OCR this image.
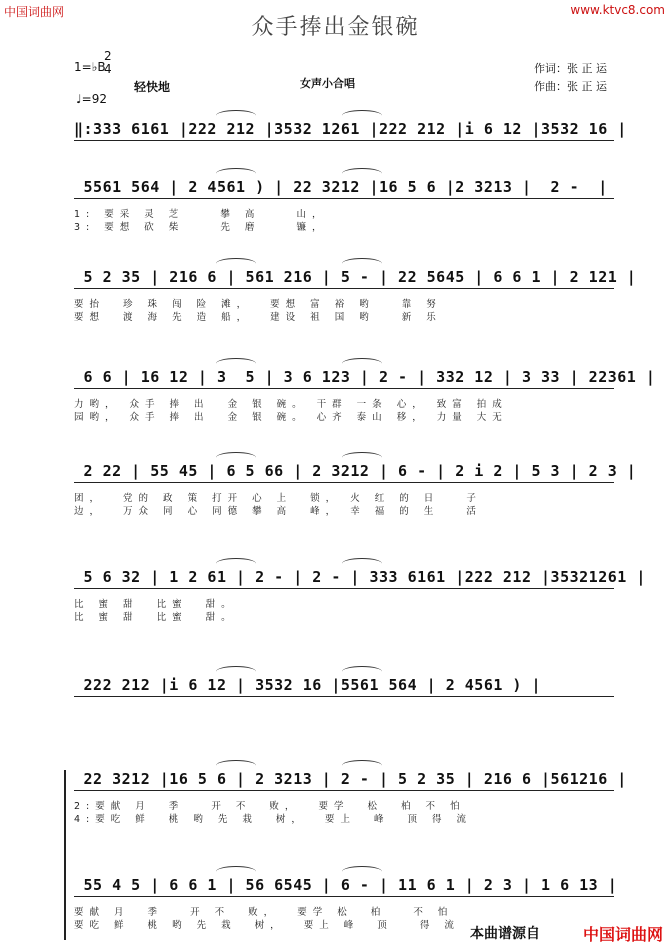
中国词曲网	www.ktvc8.com
众手捧出金银碗
1=♭B
2
4
♩=92
轻快地	女声小合唱
作词：张 正 运
作曲：张 正 运
‖:333 6161 |222 212 |3532 1261 |222 212 |i 6 12 |3532 16 |
5561 564 | 2 4561 ) | 22 3212 |16 5 6 |2 3213 |  2 -  |
1: 要采 灵 芝    攀 高    山，
3: 要想 砍 柴    先 磨    镰，
5 2 35 | 216 6 | 561 216 | 5 - | 22 5645 | 6 6 1 | 2 121 |
要抬  珍 珠 闯 险 滩，  要想 富 裕 哟   靠 努
要想  渡 海 先 造 船，  建设 祖 国 哟   新 乐
6 6 | 16 12 | 3  5 | 3 6 123 | 2 - | 332 12 | 3 33 | 22361 |
力哟， 众手 捧 出  金 银 碗。 干群 一条 心， 致富 拍成
园哟， 众手 捧 出  金 银 碗。 心齐 泰山 移， 力量 大无
2 22 | 55 45 | 6 5 66 | 2 3212 | 6 - | 2 i 2 | 5 3 | 2 3 |
团，  党的 政 策 打开 心 上  锁， 火 红 的 日   子
边，  万众 同 心 同德 攀 高  峰， 幸 福 的 生   活
5 6 32 | 1 2 61 | 2 - | 2 - | 333 6161 |222 212 |35321261 |
比 蜜 甜  比蜜  甜。
比 蜜 甜  比蜜  甜。
222 212 |i 6 12 | 3532 16 |5561 564 | 2 4561 ) |
22 3212 |16 5 6 | 2 3213 | 2 - | 5 2 35 | 216 6 |561216 |
2:要献 月  季   开 不  败，  要学  松  柏 不 怕
4:要吃 鲜  桃 哟 先 栽  树，  要上  峰  顶 得 流
55 4 5 | 6 6 1 | 56 6545 | 6 - | 11 6 1 | 2 3 | 1 6 13 |
要献 月  季   开 不  败，  要学 松  柏   不 怕
要吃 鲜  桃 哟 先 栽  树，  要上 峰  顶   得 流
本曲谱源自	中国词曲网
